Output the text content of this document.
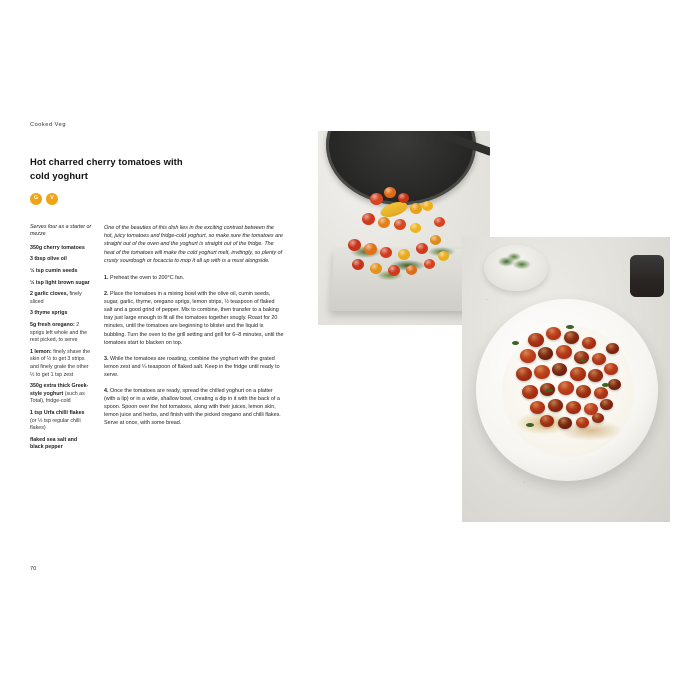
Cooked Veg
Hot charred cherry tomatoes with cold yoghurt
G	V
Serves four as a starter or mezze
350g cherry tomatoes
3 tbsp olive oil
½ tsp cumin seeds
½ tsp light brown sugar
2 garlic cloves, finely sliced
3 thyme sprigs
5g fresh oregano: 2 sprigs left whole and the rest picked, to serve
1 lemon: finely shave the skin of ½ to get 3 strips and finely grate the other ½ to get 1 tsp zest
350g extra thick Greek-style yoghurt (such as Total), fridge-cold
1 tsp Urfa chilli flakes (or ½ tsp regular chilli flakes)
flaked sea salt and black pepper
One of the beauties of this dish lies in the exciting contrast between the hot, juicy tomatoes and fridge-cold yoghurt, so make sure the tomatoes are straight out of the oven and the yoghurt is straight out of the fridge. The heat of the tomatoes will make the cold yoghurt melt, invitingly, so plenty of crusty sourdough or focaccia to mop it all up with is a must alongside.
1. Preheat the oven to 200°C fan.
2. Place the tomatoes in a mixing bowl with the olive oil, cumin seeds, sugar, garlic, thyme, oregano sprigs, lemon strips, ½ teaspoon of flaked salt and a good grind of pepper. Mix to combine, then transfer to a baking tray just large enough to fit all the tomatoes together snugly. Roast for 20 minutes, until the tomatoes are beginning to blister and the liquid is bubbling. Turn the oven to the grill setting and grill for 6–8 minutes, until the tomatoes start to blacken on top.
3. While the tomatoes are roasting, combine the yoghurt with the grated lemon zest and ¼ teaspoon of flaked salt. Keep in the fridge until ready to serve.
4. Once the tomatoes are ready, spread the chilled yoghurt on a platter (with a lip) or in a wide, shallow bowl, creating a dip in it with the back of a spoon. Spoon over the hot tomatoes, along with their juices, lemon skin, lemon juice and herbs, and finish with the picked oregano and chilli flakes. Serve at once, with some bread.
70
